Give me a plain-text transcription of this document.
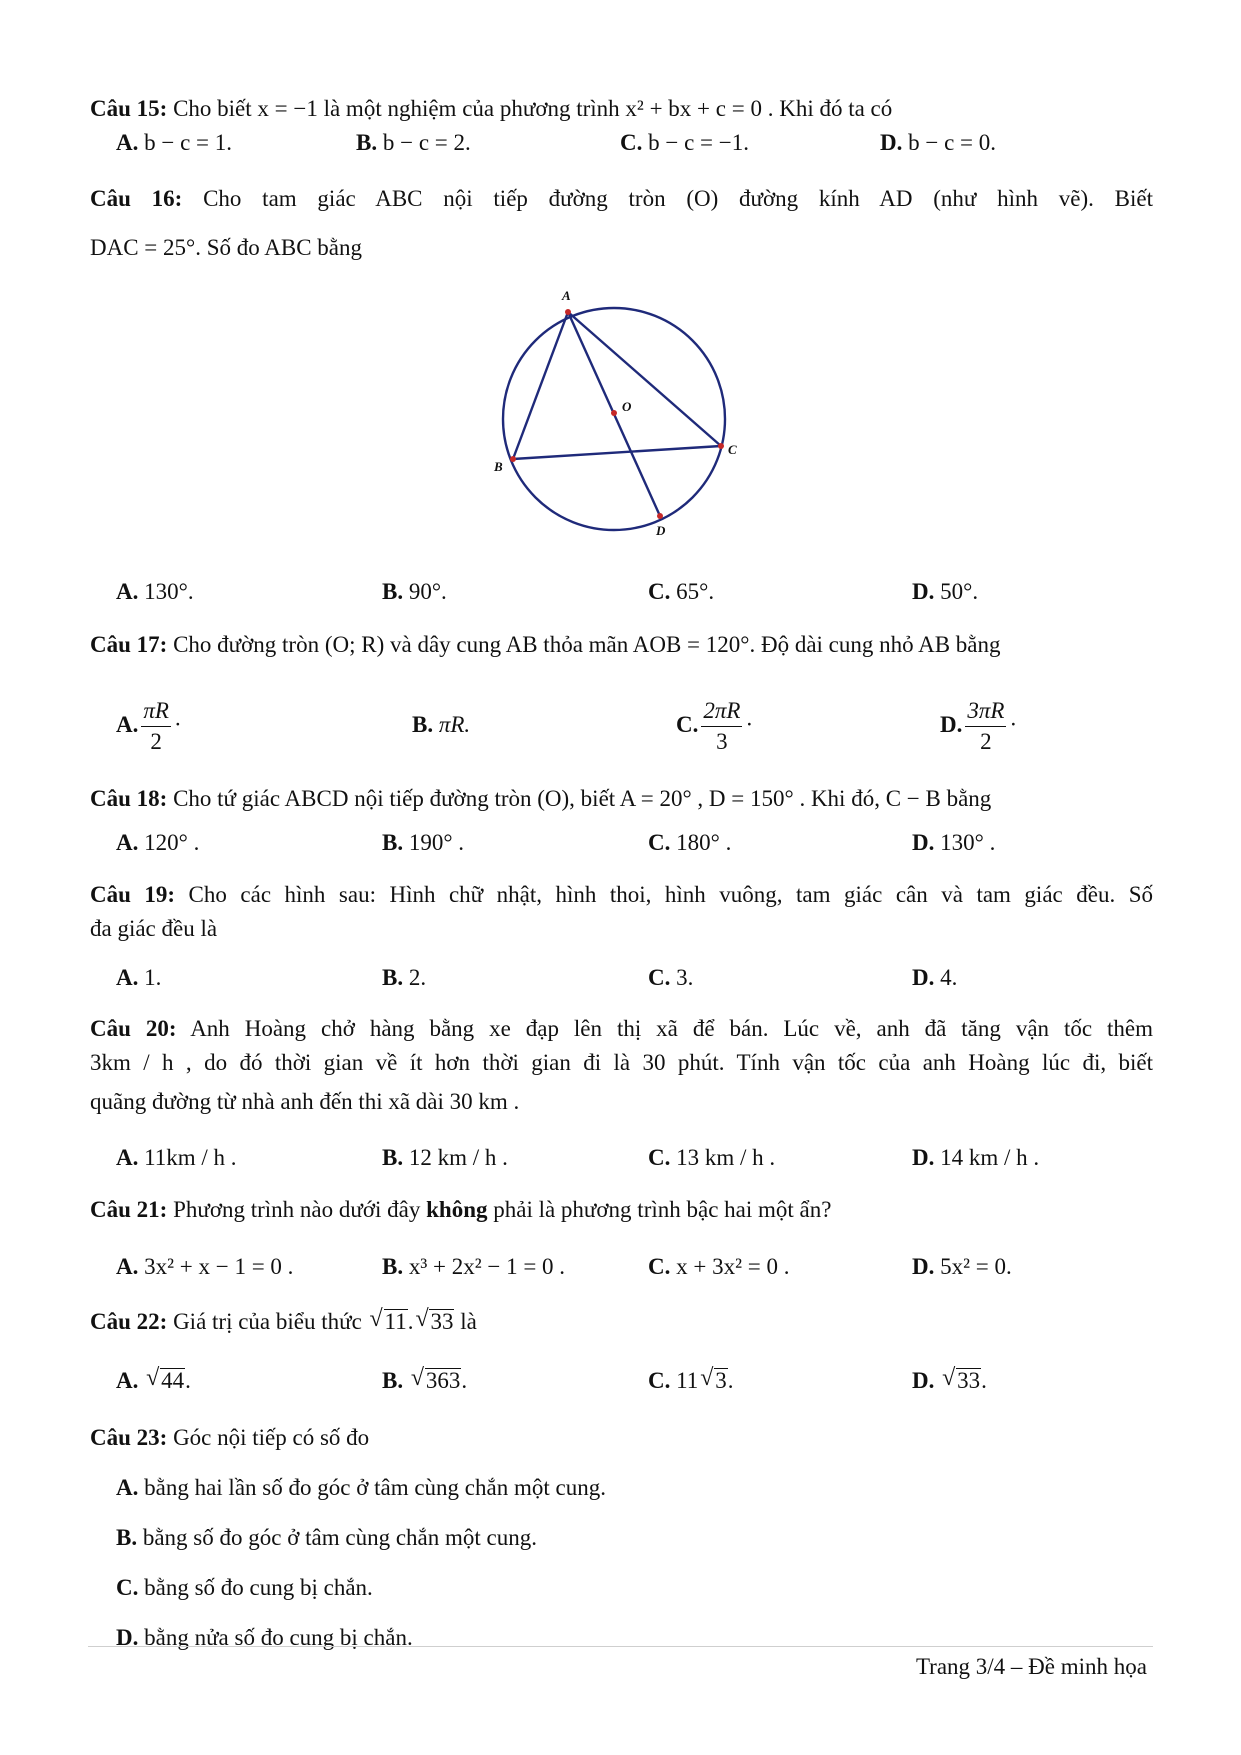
Câu 15: Cho biết x = −1 là một nghiệm của phương trình x² + bx + c = 0 . Khi đó ta có
A. b − c = 1.	B. b − c = 2.	C. b − c = −1.	D. b − c = 0.
Câu 16: Cho tam giác ABC nội tiếp đường tròn (O) đường kính AD (như hình vẽ). Biết
DAC = 25°. Số đo ABC bằng
A
B
C
D
O
A. 130°.	B. 90°.	C. 65°.	D. 50°.
Câu 17: Cho đường tròn (O; R) và dây cung AB thỏa mãn AOB = 120°. Độ dài cung nhỏ AB bằng
A. $\frac{\pi R}{2}$ ·	B. πR.	C. $\frac{2\pi R}{3}$ ·	D. $\frac{3\pi R}{2}$ ·
Câu 18: Cho tứ giác ABCD nội tiếp đường tròn (O), biết A = 20° , D = 150° . Khi đó, C − B bằng
A. 120° .	B. 190° .	C. 180° .	D. 130° .
Câu 19: Cho các hình sau: Hình chữ nhật, hình thoi, hình vuông, tam giác cân và tam giác đều. Số
đa giác đều là
A. 1.	B. 2.	C. 3.	D. 4.
Câu 20: Anh Hoàng chở hàng bằng xe đạp lên thị xã để bán. Lúc về, anh đã tăng vận tốc thêm
3km / h , do đó thời gian về ít hơn thời gian đi là 30 phút. Tính vận tốc của anh Hoàng lúc đi, biết
quãng đường từ nhà anh đến thi xã dài 30 km .
A. 11km / h .	B. 12 km / h .	C. 13 km / h .	D. 14 km / h .
Câu 21: Phương trình nào dưới đây không phải là phương trình bậc hai một ẩn?
A. 3x² + x − 1 = 0 .	B. x³ + 2x² − 1 = 0 .	C. x + 3x² = 0 .	D. 5x² = 0.
Câu 22: Giá trị của biểu thức √ 11. √ 33 là
A. √ 44.	B. √ 363.	C. 11 √ 3.	D. √ 33.
Câu 23: Góc nội tiếp có số đo
A. bằng hai lần số đo góc ở tâm cùng chắn một cung.
B. bằng số đo góc ở tâm cùng chắn một cung.
C. bằng số đo cung bị chắn.
D. bằng nửa số đo cung bị chắn.
Trang 3/4 – Đề minh họa
